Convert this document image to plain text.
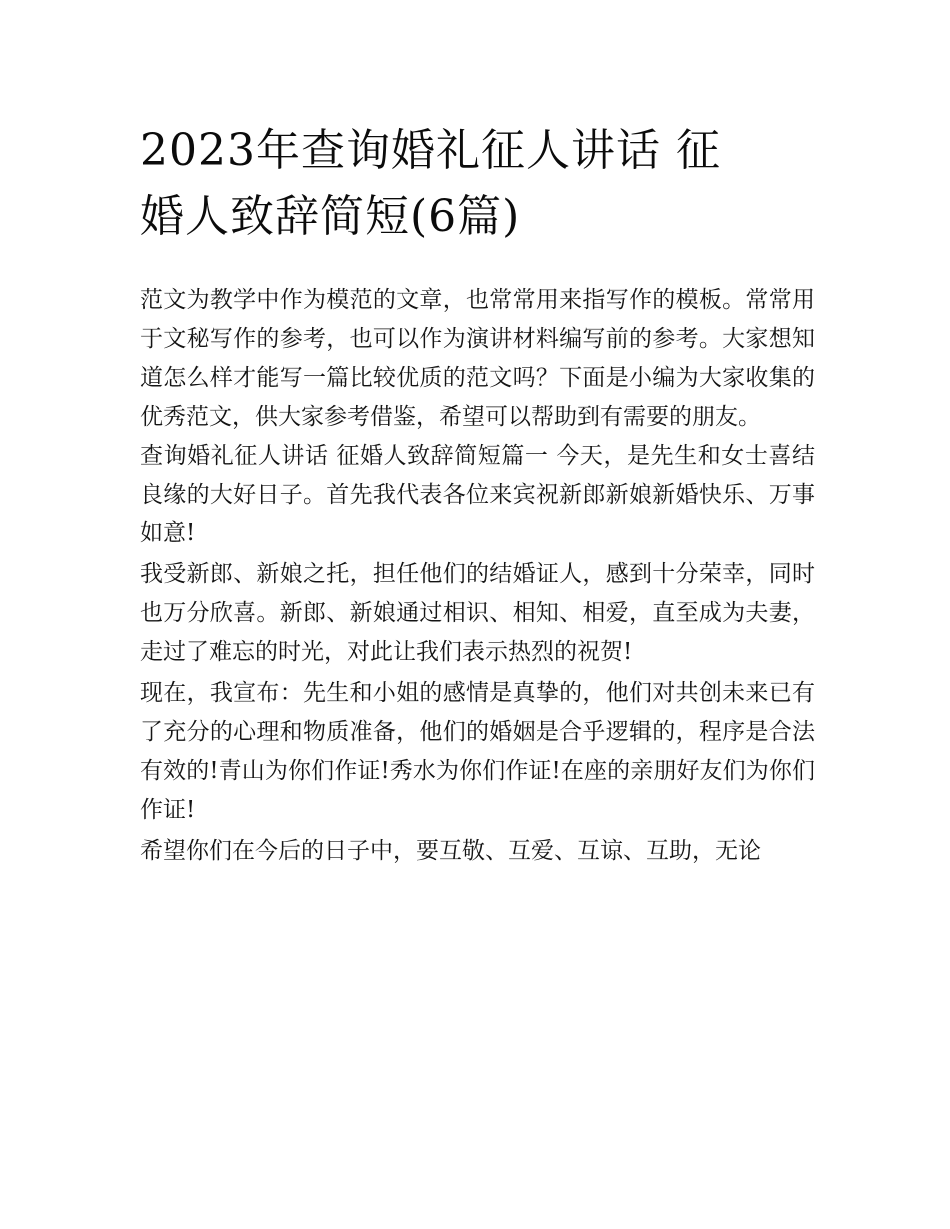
2023年查询婚礼征人讲话 征
婚人致辞简短(6篇)

范文为教学中作为模范的文章，也常常用来指写作的模板。常常用于文秘写作的参考，也可以作为演讲材料编写前的参考。大家想知道怎么样才能写一篇比较优质的范文吗？下面是小编为大家收集的优秀范文，供大家参考借鉴，希望可以帮助到有需要的朋友。

查询婚礼征人讲话 征婚人致辞简短篇一 今天，是先生和女士喜结良缘的大好日子。首先我代表各位来宾祝新郎新娘新婚快乐、万事如意!

我受新郎、新娘之托，担任他们的结婚证人，感到十分荣幸，同时也万分欣喜。新郎、新娘通过相识、相知、相爱，直至成为夫妻，走过了难忘的时光，对此让我们表示热烈的祝贺!

现在，我宣布：先生和小姐的感情是真挚的，他们对共创未来已有了充分的心理和物质准备，他们的婚姻是合乎逻辑的，程序是合法有效的!青山为你们作证!秀水为你们作证!在座的亲朋好友们为你们作证!

希望你们在今后的日子中，要互敬、互爱、互谅、互助，无论
